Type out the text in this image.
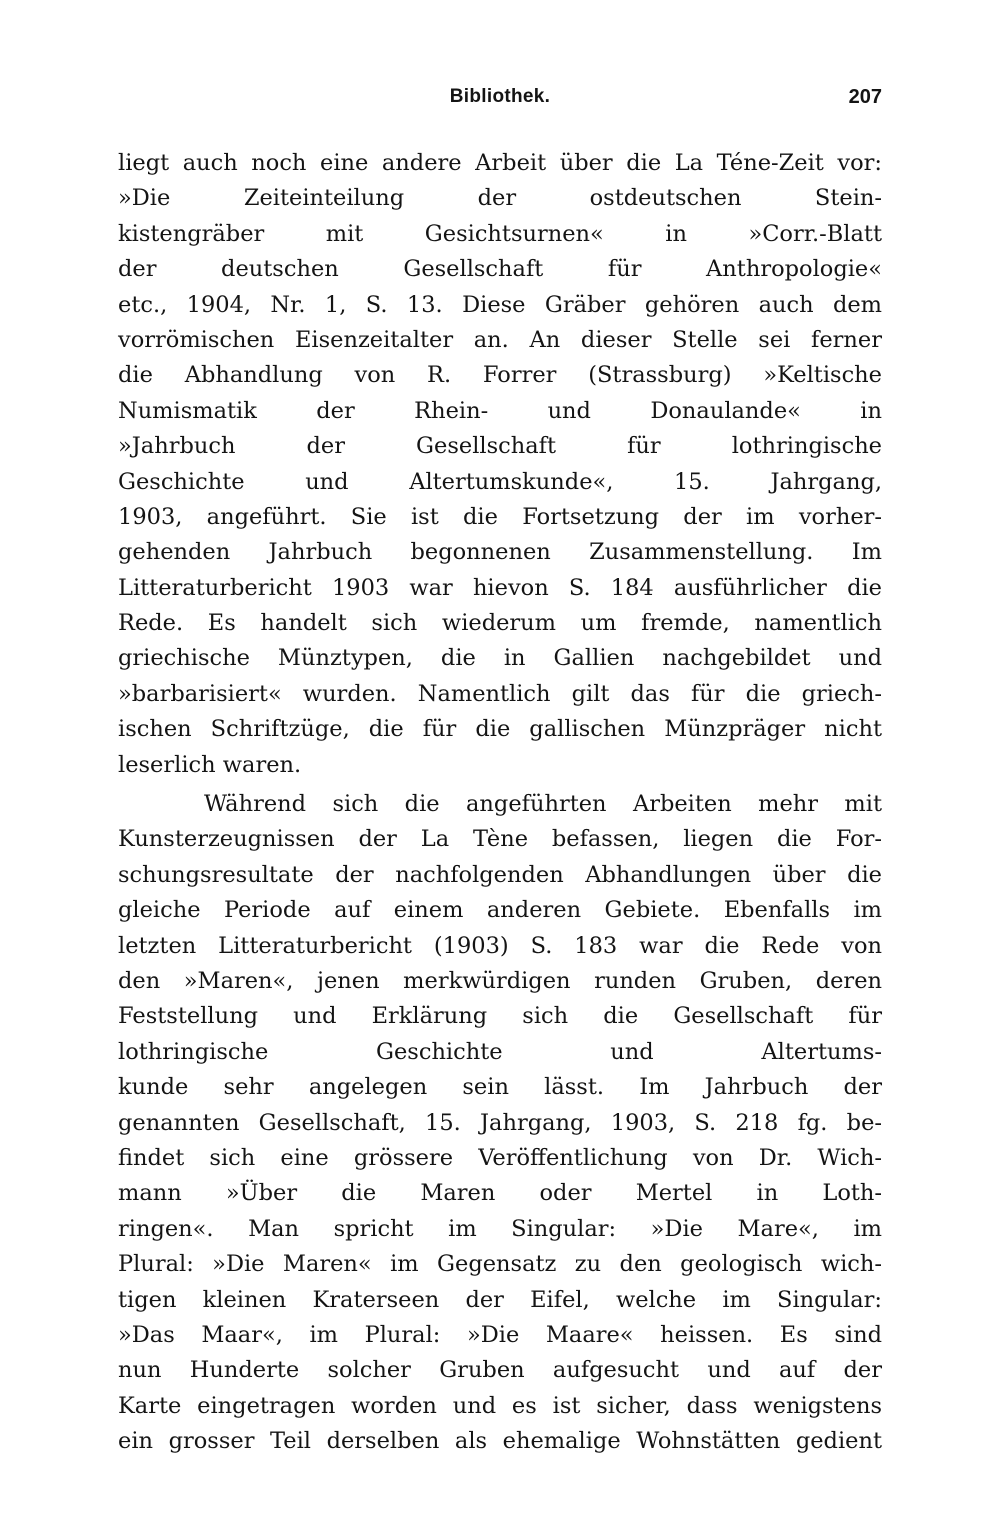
Bibliothek.	207
liegt auch noch eine andere Arbeit über die La Téne-Zeit vor:
»Die Zeiteinteilung der ostdeutschen Stein-
kistengräber mit Gesichtsurnen« in »Corr.-Blatt
der deutschen Gesellschaft für Anthropologie«
etc., 1904, Nr. 1, S. 13. Diese Gräber gehören auch dem
vorrömischen Eisenzeitalter an. An dieser Stelle sei ferner
die Abhandlung von R. Forrer (Strassburg) »Keltische
Numismatik der Rhein- und Donaulande« in
»Jahrbuch der Gesellschaft für lothringische
Geschichte und Altertumskunde«, 15. Jahrgang,
1903, angeführt. Sie ist die Fortsetzung der im vorher-
gehenden Jahrbuch begonnenen Zusammenstellung. Im
Litteraturbericht 1903 war hievon S. 184 ausführlicher die
Rede. Es handelt sich wiederum um fremde, namentlich
griechische Münztypen, die in Gallien nachgebildet und
»barbarisiert« wurden. Namentlich gilt das für die griech-
ischen Schriftzüge, die für die gallischen Münzpräger nicht
leserlich waren.
Während sich die angeführten Arbeiten mehr mit
Kunsterzeugnissen der La Tène befassen, liegen die For-
schungsresultate der nachfolgenden Abhandlungen über die
gleiche Periode auf einem anderen Gebiete. Ebenfalls im
letzten Litteraturbericht (1903) S. 183 war die Rede von
den »Maren«, jenen merkwürdigen runden Gruben, deren
Feststellung und Erklärung sich die Gesellschaft für
lothringische Geschichte und Altertums-
kunde sehr angelegen sein lässt. Im Jahrbuch der
genannten Gesellschaft, 15. Jahrgang, 1903, S. 218 fg. be-
findet sich eine grössere Veröffentlichung von Dr. Wich-
mann »Über die Maren oder Mertel in Loth-
ringen«. Man spricht im Singular: »Die Mare«, im
Plural: »Die Maren« im Gegensatz zu den geologisch wich-
tigen kleinen Kraterseen der Eifel, welche im Singular:
»Das Maar«, im Plural: »Die Maare« heissen. Es sind
nun Hunderte solcher Gruben aufgesucht und auf der
Karte eingetragen worden und es ist sicher, dass wenigstens
ein grosser Teil derselben als ehemalige Wohnstätten gedient
